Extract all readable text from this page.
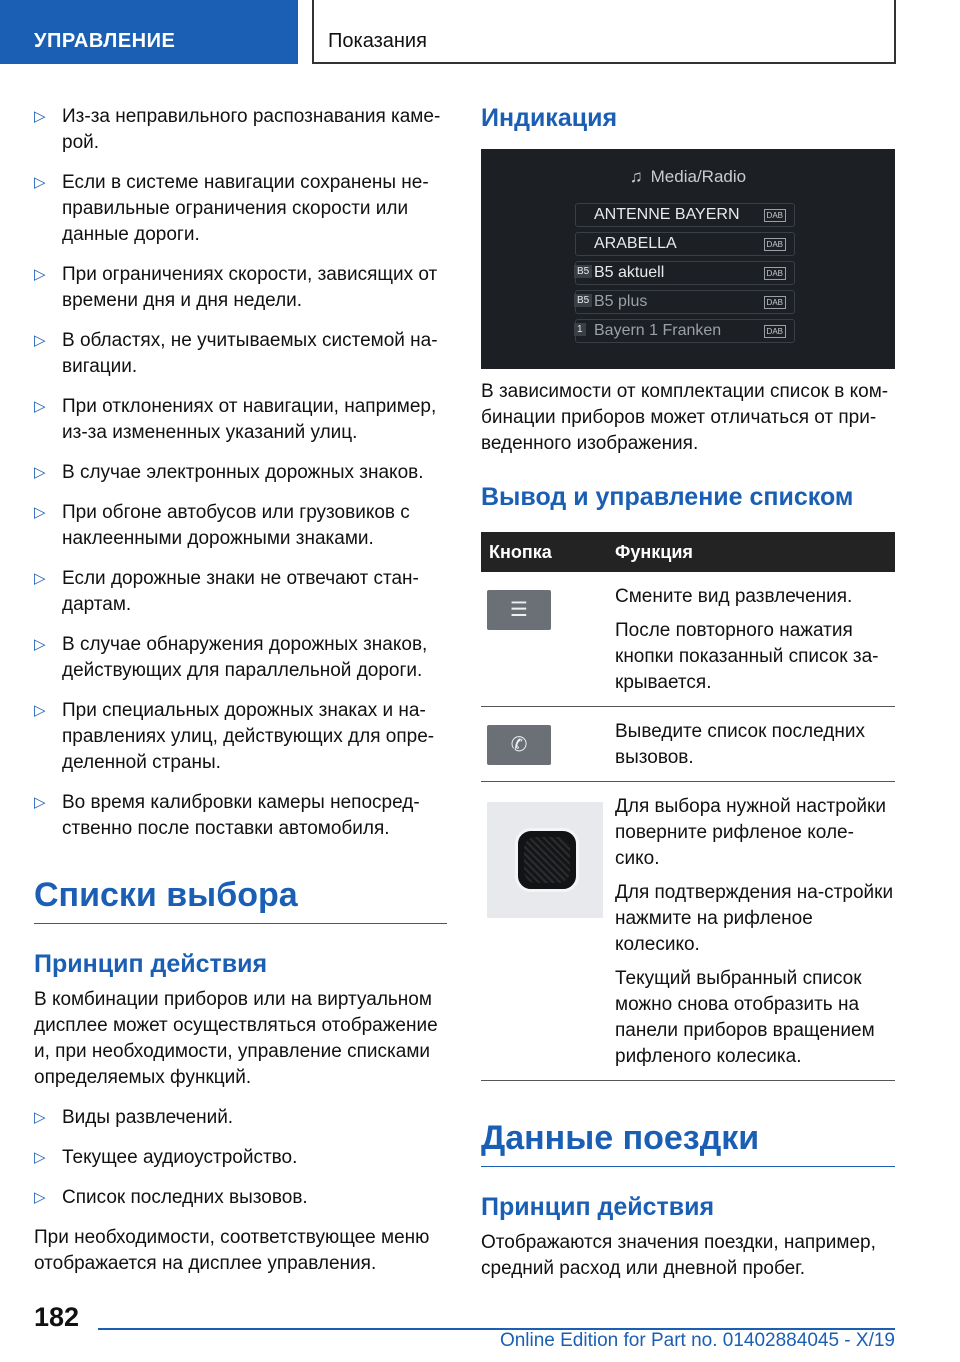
УПРАВЛЕНИЕ	Показания
▷ Из-за неправильного распознавания каме-рой.
▷ Если в системе навигации сохранены не-правильные ограничения скорости или данные дороги.
▷ При ограничениях скорости, зависящих от времени дня и дня недели.
▷ В областях, не учитываемых системой на-вигации.
▷ При отклонениях от навигации, например, из-за измененных указаний улиц.
▷ В случае электронных дорожных знаков.
▷ При обгоне автобусов или грузовиков с наклеенными дорожными знаками.
▷ Если дорожные знаки не отвечают стан-дартам.
▷ В случае обнаружения дорожных знаков, действующих для параллельной дороги.
▷ При специальных дорожных знаках и на-правлениях улиц, действующих для опре-деленной страны.
▷ Во время калибровки камеры непосред-ственно после поставки автомобиля.
Списки выбора
Принцип действия
В комбинации приборов или на виртуальном дисплее может осуществляться отображение и, при необходимости, управление списками определяемых функций.
▷ Виды развлечений.
▷ Текущее аудиоустройство.
▷ Список последних вызовов.
При необходимости, соответствующее меню отображается на дисплее управления.
Индикация
♫ Media/Radio
ANTENNE BAYERN	DAB
ARABELLA	DAB
B5 B5 aktuell	DAB
B5 B5 plus	DAB
1 Bayern 1 Franken	DAB
В зависимости от комплектации список в ком-бинации приборов может отличаться от при-веденного изображения.
Вывод и управление списком
Кнопка	Функция

☰	Смените вид развлечения.
После повторного нажатия кнопки показанный список за-крывается.

✆	Выведите список последних вызовов.

	Для выбора нужной настройки поверните рифленое коле-сико.
Для подтверждения на-стройки нажмите на рифленое колесико.
Текущий выбранный список можно снова отобразить на панели приборов вращением рифленого колесика.
Данные поездки
Принцип действия
Отображаются значения поездки, например, средний расход или дневной пробег.
182
Online Edition for Part no. 01402884045 - X/19
